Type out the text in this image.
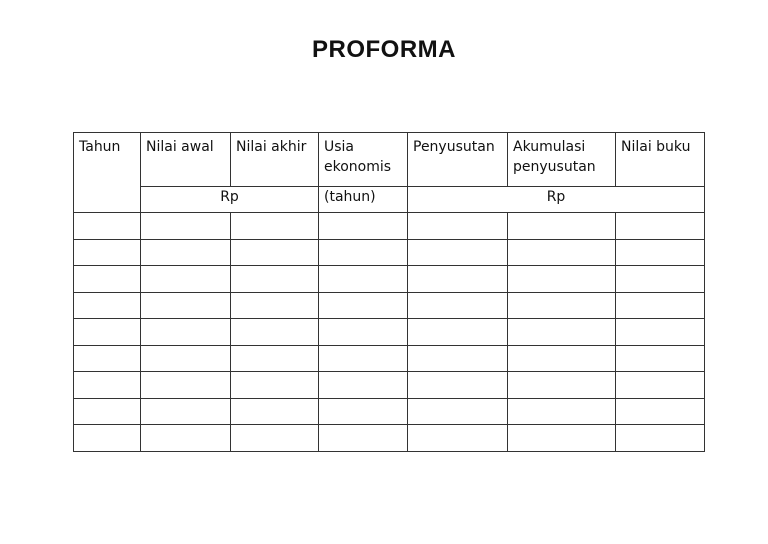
PROFORMA
Tahun	Nilai awal	Nilai akhir	Usia ekonomis	Penyusutan	Akumulasi penyusutan	Nilai buku
	Rp		(tahun)	Rp		
